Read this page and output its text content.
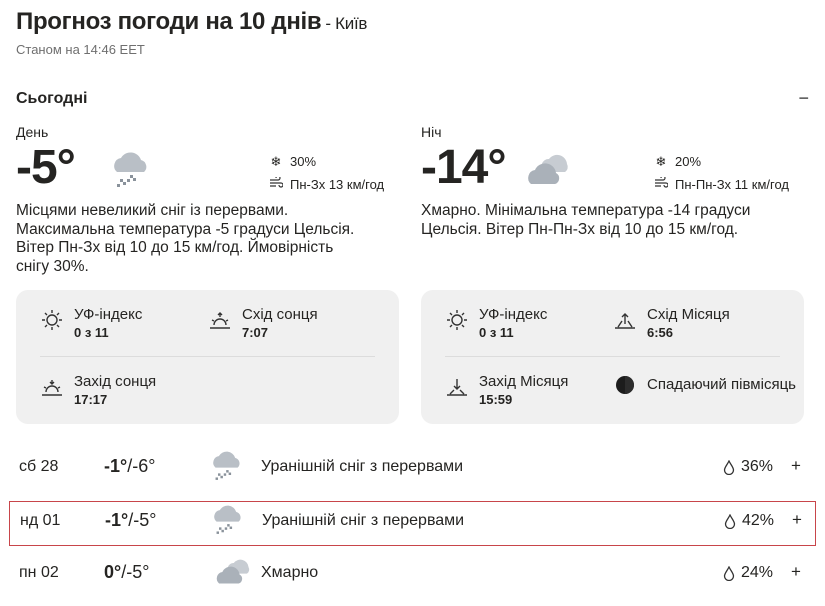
Прогноз погоди на 10 днів - Київ
Станом на 14:46 EET
Сьогодні	−
День
-5°	❄ 30%
Пн-Зх 13 км/год
Місцями невеликий сніг із перервами. Максимальна температура -5 градуси Цельсія. Вітер Пн-Зх від 10 до 15 км/год. Ймовірність снігу 30%.
Ніч
-14°	❄ 20%
Пн-Пн-Зх 11 км/год
Хмарно. Мінімальна температура -14 градуси Цельсія. Вітер Пн-Пн-Зх від 10 до 15 км/год.
УФ-індекс
0 з 11
Схід сонця
7:07
Захід сонця
17:17
УФ-індекс
0 з 11
Схід Місяця
6:56
Захід Місяця
15:59
Спадаючий півмісяць
сб 28	-1°/-6°	Уранішній сніг з перервами	36% +
нд 01 -1°/-5°	Уранішній сніг з перервами	42% +
пн 02	0°/-5°	Хмарно	24% +
